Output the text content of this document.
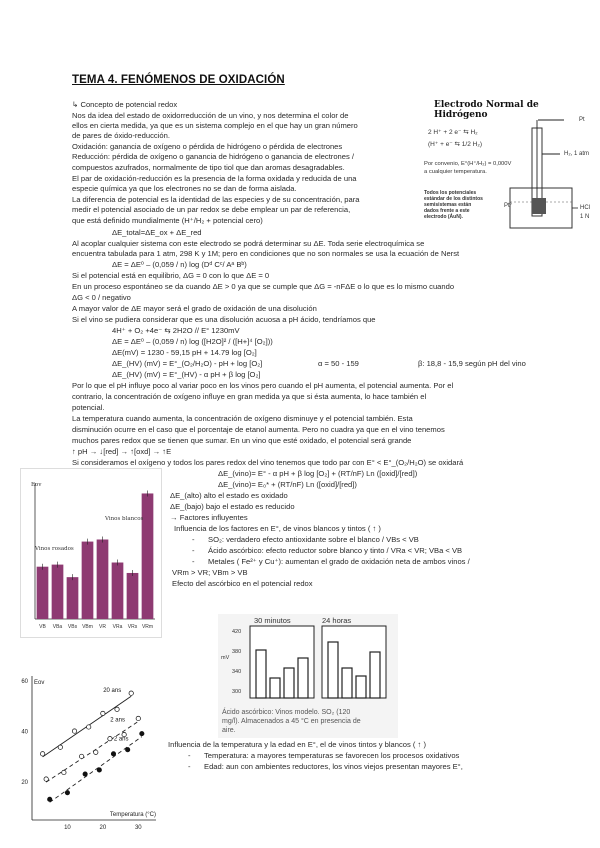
TEMA 4. FENÓMENOS DE OXIDACIÓN
↳ Concepto de potencial redox
Nos da idea del estado de oxidorreducción de un vino, y nos determina el color de
ellos en cierta medida, ya que es un sistema complejo en el que hay un gran número
de pares de óxido-reducción.
Oxidación: ganancia de oxígeno o pérdida de hidrógeno o pérdida de electrones
Reducción: pérdida de oxígeno o ganancia de hidrógeno o ganancia de electrones /
compuestos azufrados, normalmente de tipo tiol que dan aromas desagradables.
El par de oxidación-reducción es la presencia de la forma oxidada y reducida de una
especie química ya que los electrones no se dan de forma aislada.
La diferencia de potencial es la identidad de las especies y de su concentración, para
medir el potencial asociado de un par redox se debe emplear un par de referencia,
que está definido mundialmente (H⁺/H₂ + potencial cero)
ΔE_total=ΔE_ox + ΔE_red
Al acoplar cualquier sistema con este electrodo se podrá determinar su ΔE. Toda serie electroquímica se
encuentra tabulada para 1 atm, 298 K y 1M; pero en condiciones que no son normales se usa la ecuación de Nerst
ΔE = ΔE⁰ – (0,059 / n) log (Dᵈ Cᶜ/ Aᵃ Bᵇ)
Si el potencial está en equilibrio, ΔG = 0 con lo que ΔE = 0
En un proceso espontáneo se da cuando ΔE > 0 ya que se cumple que ΔG = -nFΔE o lo que es lo mismo cuando
ΔG < 0 / negativo
A mayor valor de ΔE mayor será el grado de oxidación de una disolución
Si el vino se pudiera considerar que es una disolución acuosa a pH ácido, tendríamos que
4H⁺ + O₂ +4e⁻ ⇆ 2H2O // E° 1230mV
ΔE = ΔE⁰ – (0,059 / n) log ([H2O]² / ([H+]⁴ [O₂]))
ΔE(mV) = 1230 - 59,15 pH + 14.79 log [O₂]
ΔE_(HV) (mV) = E°_(O₂/H₂O) - pH + log [O₂]	α = 50 - 159	β: 18,8 - 15,9 según pH del vino
ΔE_(HV) (mV) = E°_(HV) - α pH + β log [O₂]
Por lo que el pH influye poco al variar poco en los vinos pero cuando el pH aumenta, el potencial aumenta. Por el
contrario, la concentración de oxígeno influye en gran medida ya que si ésta aumenta, lo hace también el
potencial.
La temperatura cuando aumenta, la concentración de oxígeno disminuye y el potencial también. Esta
disminución ocurre en el caso que el porcentaje de etanol aumenta. Pero no cuadra ya que en el vino tenemos
muchos pares redox que se tienen que sumar. En un vino que esté oxidado, el potencial será grande
↑ pH → ↓[red] → ↑[oxd] → ↑E
Si consideramos el oxígeno y todos los pares redox del vino tenemos que todo par con E° < E°_(O₂/H₂O) se oxidará
ΔE_(vino)= E° - α pH + β log [O₂] + (RT/nF) Ln ([oxid]/[red])
ΔE_(vino)= E₀* + (RT/nF) Ln ([oxid]/[red])
ΔE_(alto) alto el estado es oxidado
ΔE_(bajo) bajo el estado es reducido
→ Factores influyentes
Influencia de los factores en E°, de vinos blancos y tintos ( ↑ )
- SO₂: verdadero efecto antioxidante sobre el blanco / VBs < VB
- Ácido ascórbico: efecto reductor sobre blanco y tinto / VRa < VR; VBa < VB
- Metales ( Fe²⁺ y Cu⁺): aumentan el grado de oxidación neta de ambos vinos /
VRm > VR; VBm > VB
Efecto del ascórbico en el potencial redox
Influencia de la temperatura y la edad en E°, el de vinos tintos y blancos ( ↑ )
- Temperatura: a mayores temperaturas se favorecen los procesos oxidativos
- Edad: aun con ambientes reductores, los vinos viejos presentan mayores E°,
Electrodo Normal de Hidrógeno
2 H⁺ + 2 e⁻ ⇆ H₂
(H⁺ + e⁻ ⇆ 1/2 H₂)
Por convenio, E°(H⁺/H₂) = 0,000V
a cualquier temperatura.
Todos los potenciales
estándar de los distintos
semisistemas están
dados frente a este
electrodo (ÁuN).
Pt
H₂, 1 atm
Pt°	HCl 1 N
VB VBa VBs VBm VR VRa VRs VRm
Eov
Vinos rosados
Vinos blancos
30 minutos	24 horas
mV
420
380
340
300
Ácido ascórbico: Vinos modelo. SO₂ (120
mg/l). Almacenados a 45 °C en presencia de
aire.
Eov
Temperatura (°C)
10	20	30
60
40
20
20 ans
2 ans
2 ans
